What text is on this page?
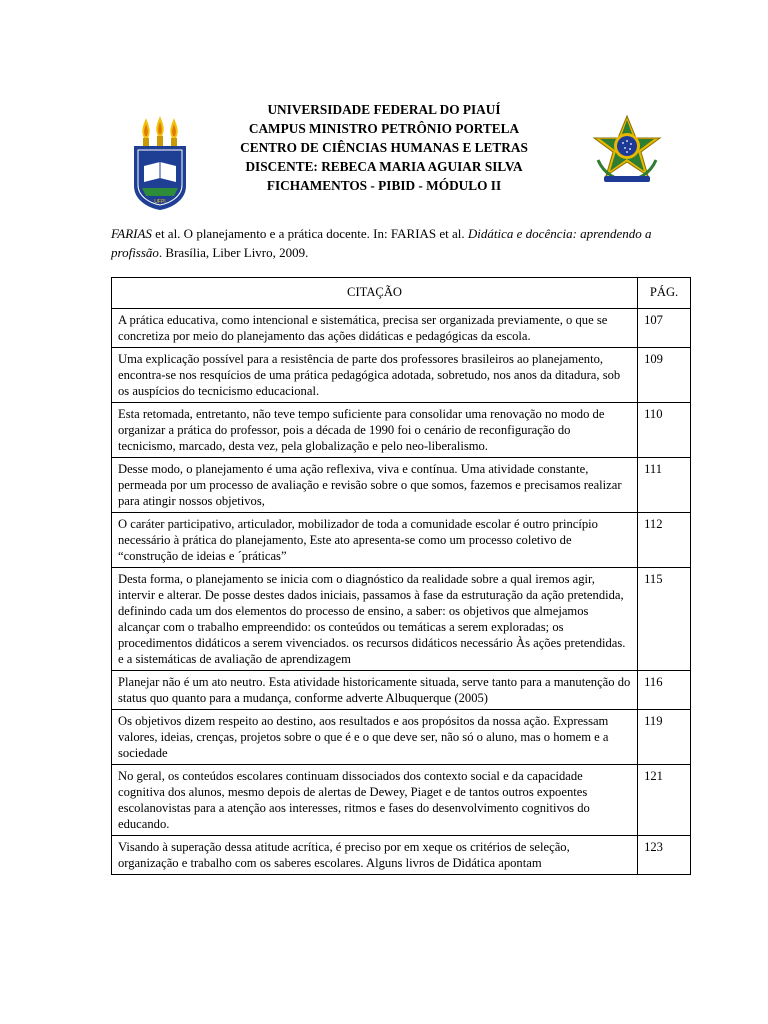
UFPI
UNIVERSIDADE FEDERAL DO PIAUÍ
CAMPUS MINISTRO PETRÔNIO PORTELA
CENTRO DE CIÊNCIAS HUMANAS E LETRAS
DISCENTE: REBECA MARIA AGUIAR SILVA
FICHAMENTOS - PIBID - MÓDULO II
FARIAS et al. O planejamento e a prática docente. In: FARIAS et al. Didática e docência: aprendendo a profissão. Brasília, Liber Livro, 2009.
CITAÇÃO	PÁG.
A prática educativa, como intencional e sistemática, precisa ser organizada previamente, o que se concretiza por meio do planejamento das ações didáticas e pedagógicas da escola.	107
Uma explicação possível para a resistência de parte dos professores brasileiros ao planejamento, encontra-se nos resquícios de uma prática pedagógica adotada, sobretudo, nos anos da ditadura, sob os auspícios do tecnicismo educacional.	109
Esta retomada, entretanto, não teve tempo suficiente para consolidar uma renovação no modo de organizar a prática do professor, pois a década de 1990 foi o cenário de reconfiguração do tecnicismo, marcado, desta vez, pela globalização e pelo neo-liberalismo.	110
Desse modo, o planejamento é uma ação reflexiva, viva e contínua. Uma atividade constante, permeada por um processo de avaliação e revisão sobre o que somos, fazemos e precisamos realizar para atingir nossos objetivos,	111
O caráter participativo, articulador, mobilizador de toda a comunidade escolar é outro princípio necessário à prática do planejamento, Este ato apresenta-se como um processo coletivo de “construção de ideias e ´práticas”	112
Desta forma, o planejamento se inicia com o diagnóstico da realidade sobre a qual iremos agir, intervir e alterar. De posse destes dados iniciais, passamos à fase da estruturação da ação pretendida, definindo cada um dos elementos do processo de ensino, a saber: os objetivos que almejamos alcançar com o trabalho empreendido: os conteúdos ou temáticas a serem exploradas; os procedimentos didáticos a serem vivenciados. os recursos didáticos necessário Às ações pretendidas. e a sistemáticas de avaliação de aprendizagem	115
Planejar não é um ato neutro. Esta atividade historicamente situada, serve tanto para a manutenção do status quo quanto para a mudança, conforme adverte Albuquerque (2005)	116
Os objetivos dizem respeito ao destino, aos resultados e aos propósitos da nossa ação. Expressam valores, ideias, crenças, projetos sobre o que é e o que deve ser, não só o aluno, mas o homem e a sociedade	119
No geral, os conteúdos escolares continuam dissociados dos contexto social e da capacidade cognitiva dos alunos, mesmo depois de alertas de Dewey, Piaget e de tantos outros expoentes escolanovistas para a atenção aos interesses, ritmos e fases do desenvolvimento cognitivos do educando.	121
Visando à superação dessa atitude acrítica, é preciso por em xeque os critérios de seleção, organização e trabalho com os saberes escolares. Alguns livros de Didática apontam	123
